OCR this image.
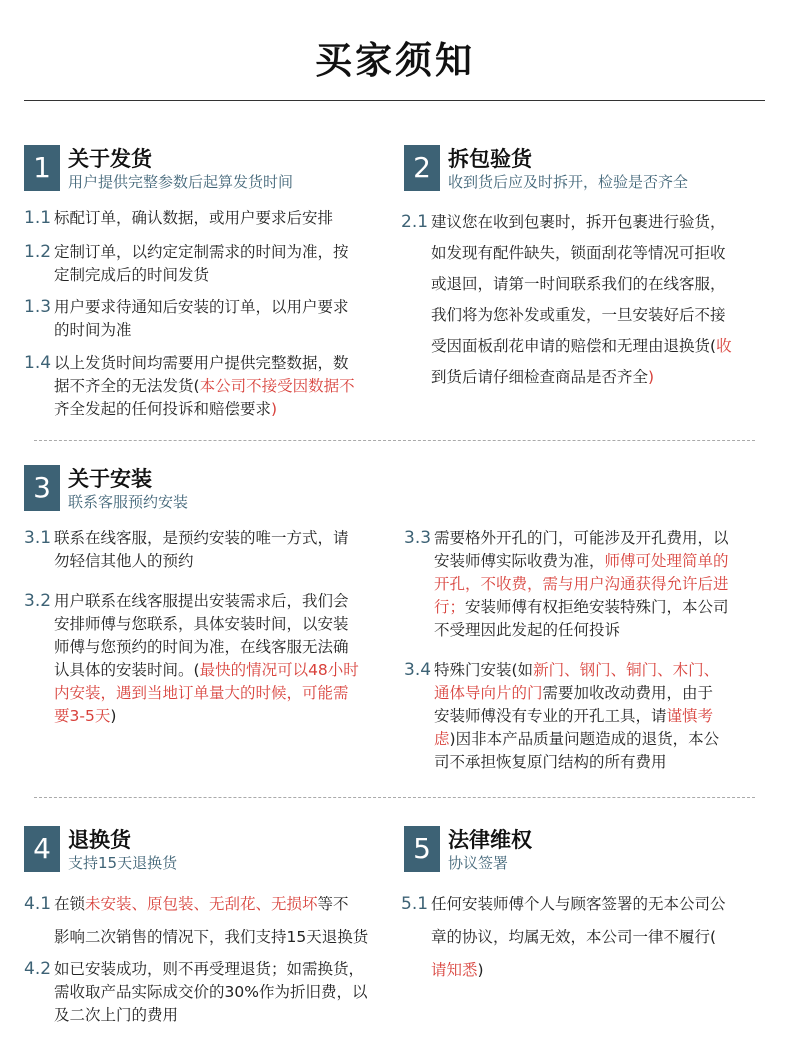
买家须知
1 关于发货
用户提供完整参数后起算发货时间
1.1 标配订单，确认数据，或用户要求后安排
1.2 定制订单，以约定定制需求的时间为准，按
定制完成后的时间发货
1.3 用户要求待通知后安装的订单，以用户要求
的时间为准
1.4 以上发货时间均需要用户提供完整数据，数
据不齐全的无法发货(本公司不接受因数据不
齐全发起的任何投诉和赔偿要求)
2 拆包验货
收到货后应及时拆开，检验是否齐全
2.1 建议您在收到包裹时，拆开包裹进行验货，
如发现有配件缺失，锁面刮花等情况可拒收
或退回，请第一时间联系我们的在线客服，
我们将为您补发或重发，一旦安装好后不接
受因面板刮花申请的赔偿和无理由退换货(收
到货后请仔细检查商品是否齐全)
3 关于安装
联系客服预约安装
3.1 联系在线客服，是预约安装的唯一方式，请
勿轻信其他人的预约
3.2 用户联系在线客服提出安装需求后，我们会
安排师傅与您联系，具体安装时间，以安装
师傅与您预约的时间为准，在线客服无法确
认具体的安装时间。(最快的情况可以48小时
内安装，遇到当地订单量大的时候，可能需
要3-5天)
3.3 需要格外开孔的门，可能涉及开孔费用，以
安装师傅实际收费为准，师傅可处理简单的
开孔，不收费，需与用户沟通获得允许后进
行；安装师傅有权拒绝安装特殊门，本公司
不受理因此发起的任何投诉
3.4 特殊门安装(如新门、钢门、铜门、木门、
通体导向片的门需要加收改动费用，由于
安装师傅没有专业的开孔工具，请谨慎考
虑)因非本产品质量问题造成的退货，本公
司不承担恢复原门结构的所有费用
4 退换货
支持15天退换货
4.1 在锁未安装、原包装、无刮花、无损坏等不
影响二次销售的情况下，我们支持15天退换货
4.2 如已安装成功，则不再受理退货；如需换货，
需收取产品实际成交价的30%作为折旧费，以
及二次上门的费用
5 法律维权
协议签署
5.1 任何安装师傅个人与顾客签署的无本公司公
章的协议，均属无效，本公司一律不履行(
请知悉)
